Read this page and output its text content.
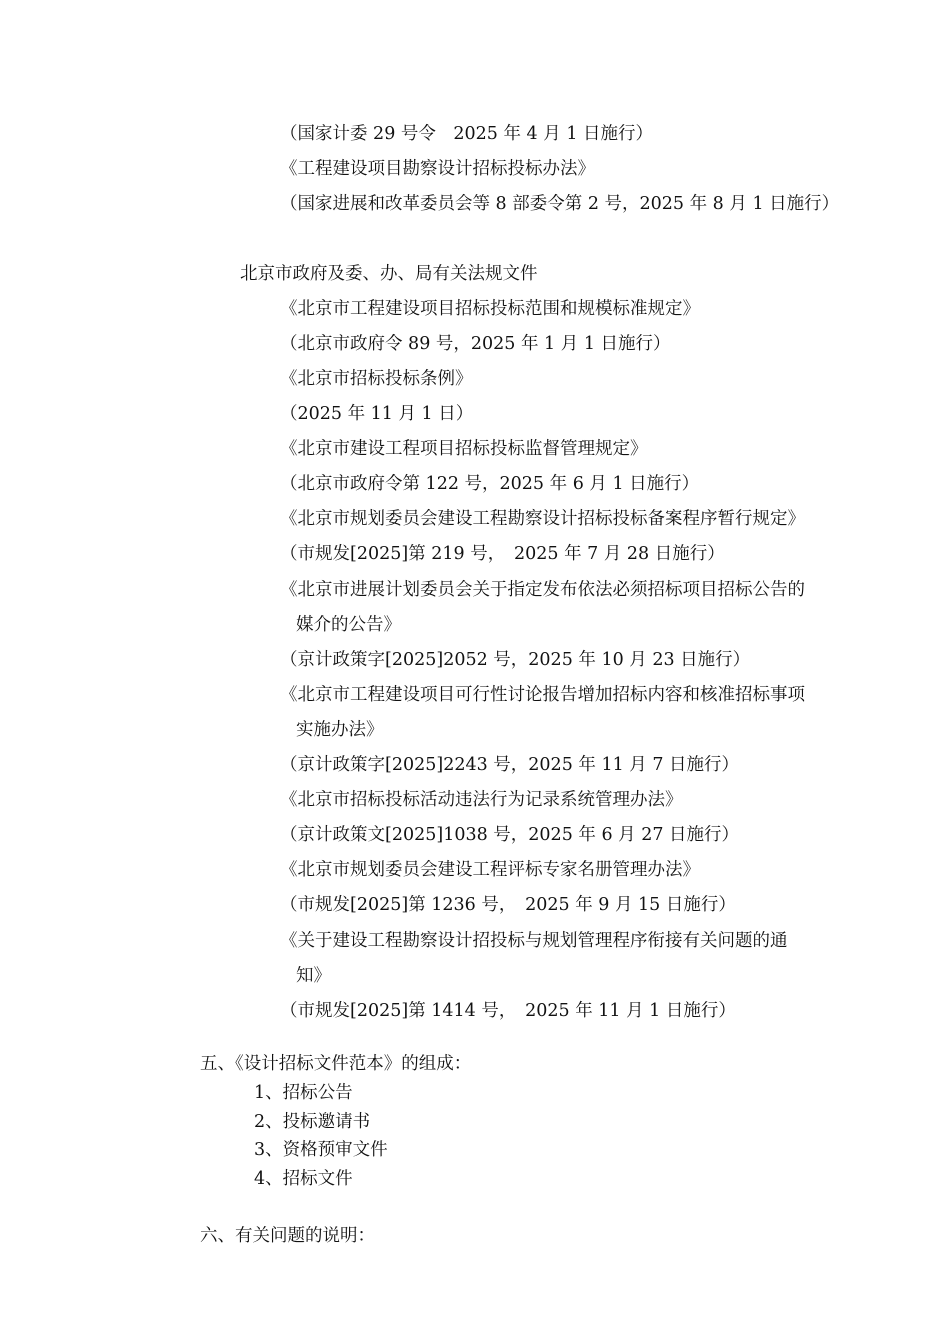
（国家计委 29 号令　2025 年 4 月 1 日施行）
《工程建设项目勘察设计招标投标办法》
（国家进展和改革委员会等 8 部委令第 2 号，2025 年 8 月 1 日施行）
北京市政府及委、办、局有关法规文件
《北京市工程建设项目招标投标范围和规模标准规定》
（北京市政府令 89 号，2025 年 1 月 1 日施行）
《北京市招标投标条例》
（2025 年 11 月 1 日）
《北京市建设工程项目招标投标监督管理规定》
（北京市政府令第 122 号，2025 年 6 月 1 日施行）
《北京市规划委员会建设工程勘察设计招标投标备案程序暂行规定》
（市规发[2025]第 219 号，　2025 年 7 月 28 日施行）
《北京市进展计划委员会关于指定发布依法必须招标项目招标公告的
媒介的公告》
（京计政策字[2025]2052 号，2025 年 10 月 23 日施行）
《北京市工程建设项目可行性讨论报告增加招标内容和核准招标事项
实施办法》
（京计政策字[2025]2243 号，2025 年 11 月 7 日施行）
《北京市招标投标活动违法行为记录系统管理办法》
（京计政策文[2025]1038 号，2025 年 6 月 27 日施行）
《北京市规划委员会建设工程评标专家名册管理办法》
（市规发[2025]第 1236 号，　2025 年 9 月 15 日施行）
《关于建设工程勘察设计招投标与规划管理程序衔接有关问题的通
知》
（市规发[2025]第 1414 号，　2025 年 11 月 1 日施行）
五、《设计招标文件范本》的组成：
1、招标公告
2、投标邀请书
3、资格预审文件
4、招标文件
六、有关问题的说明：
